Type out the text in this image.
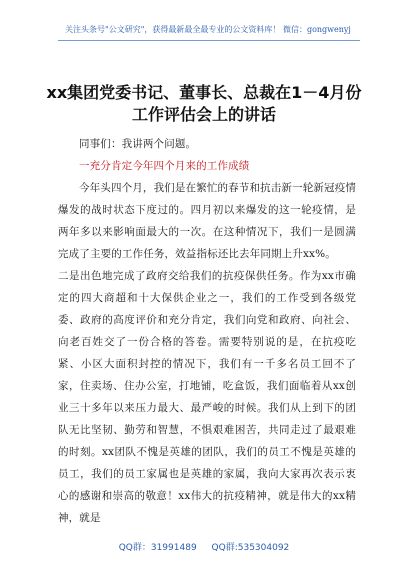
关注头条号"公文研究"，获得最新最全最专业的公文资料库！ 微信：gongwenyj
xx集团党委书记、董事长、总裁在1－4月份
工作评估会上的讲话

同事们：我讲两个问题。

一充分肯定今年四个月来的工作成绩

今年头四个月，我们是在繁忙的春节和抗击新一轮新冠疫情爆发的战时状态下度过的。四月初以来爆发的这一轮疫情，是两年多以来影响面最大的一次。在这种情况下，我们一是圆满完成了主要的工作任务，效益指标还比去年同期上升xx%。

二是出色地完成了政府交给我们的抗疫保供任务。作为xx市确定的四大商超和十大保供企业之一，我们的工作受到各级党委、政府的高度评价和充分肯定，我们向党和政府、向社会、向老百姓交了一份合格的答卷。需要特别说的是，在抗疫吃紧、小区大面积封控的情况下，我们有一千多名员工回不了家，住卖场、住办公室，打地铺，吃盒饭，我们面临着从xx创业三十多年以来压力最大、最严峻的时候。我们从上到下的团队无比坚韧、勤劳和智慧，不惧艰难困苦，共同走过了最艰难的时刻。xx团队不愧是英雄的团队，我们的员工不愧是英雄的员工，我们的员工家属也是英雄的家属，我向大家再次表示衷心的感谢和崇高的敬意！xx伟大的抗疫精神，就是伟大的xx精神，就是

QQ群：31991489 QQ群:535304092
